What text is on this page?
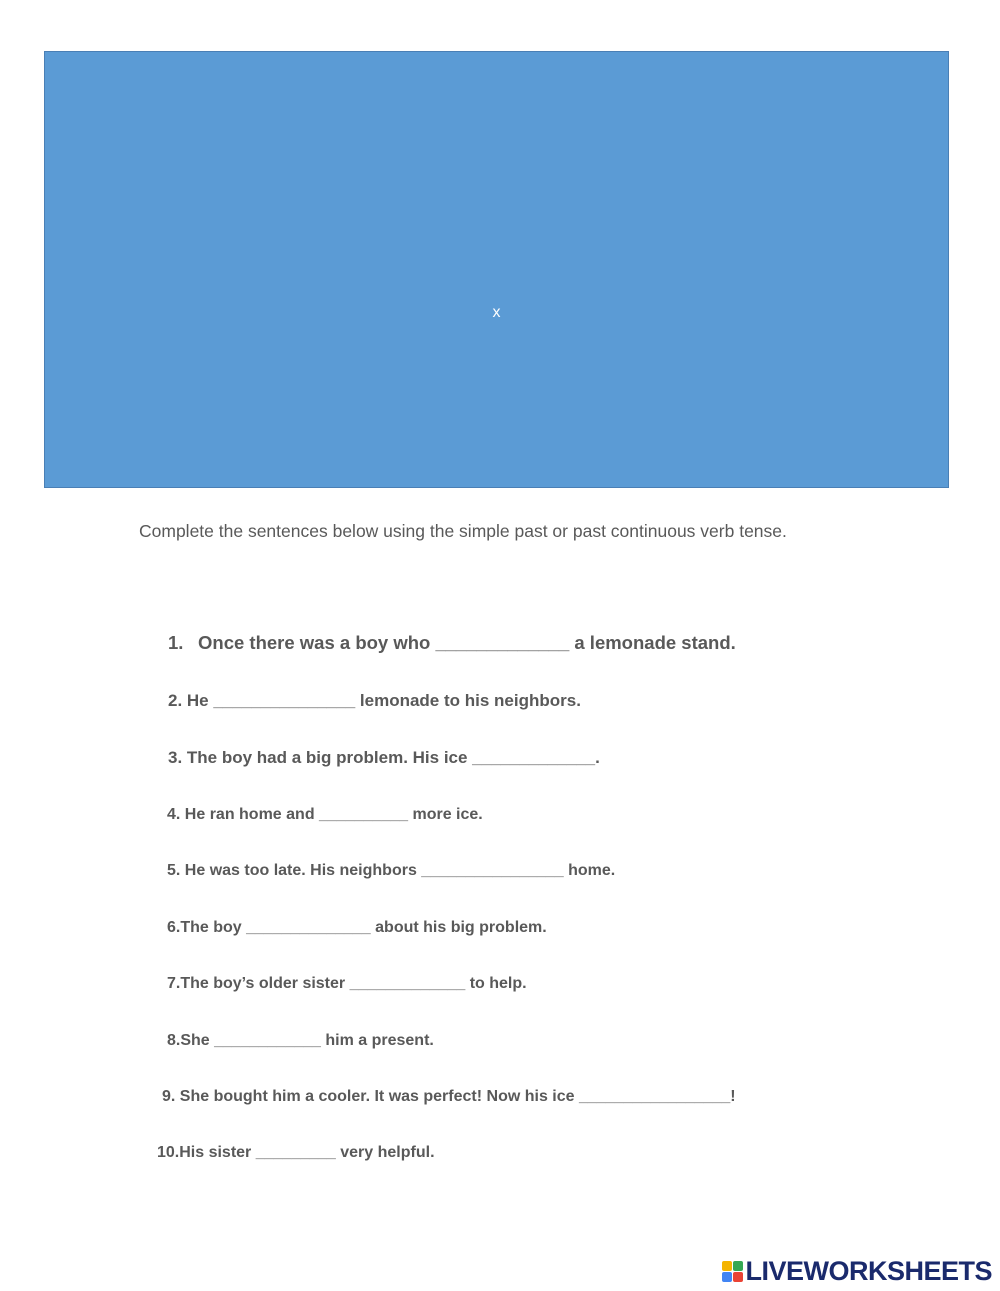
x
Complete the sentences below using the simple past or past continuous verb tense.
1. Once there was a boy who _____________ a lemonade stand.
2. He _______________ lemonade to his neighbors.
3. The boy had a big problem. His ice _____________.
4. He ran home and __________ more ice.
5. He was too late. His neighbors ________________ home.
6.The boy ______________ about his big problem.
7.The boy’s older sister _____________ to help.
8.She ____________ him a present.
9. She bought him a cooler. It was perfect! Now his ice _________________!
10.His sister _________ very helpful.
LIVEWORKSHEETS
